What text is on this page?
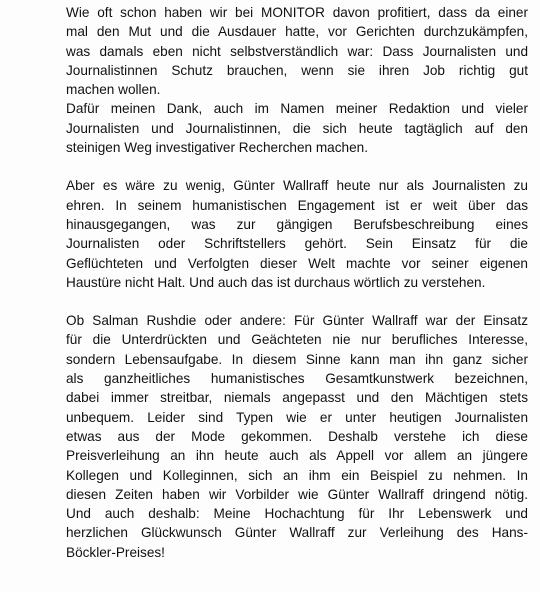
Wie oft schon haben wir bei MONITOR davon profitiert, dass da einer
mal den Mut und die Ausdauer hatte, vor Gerichten durchzukämpfen,
was damals eben nicht selbstverständlich war: Dass Journalisten und
Journalistinnen Schutz brauchen, wenn sie ihren Job richtig gut
machen wollen.
Dafür meinen Dank, auch im Namen meiner Redaktion und vieler
Journalisten und Journalistinnen, die sich heute tagtäglich auf den
steinigen Weg investigativer Recherchen machen.
Aber es wäre zu wenig, Günter Wallraff heute nur als Journalisten zu
ehren. In seinem humanistischen Engagement ist er weit über das
hinausgegangen, was zur gängigen Berufsbeschreibung eines
Journalisten oder Schriftstellers gehört. Sein Einsatz für die
Geflüchteten und Verfolgten dieser Welt machte vor seiner eigenen
Haustüre nicht Halt. Und auch das ist durchaus wörtlich zu verstehen.
Ob Salman Rushdie oder andere: Für Günter Wallraff war der Einsatz
für die Unterdrückten und Geächteten nie nur berufliches Interesse,
sondern Lebensaufgabe. In diesem Sinne kann man ihn ganz sicher
als ganzheitliches humanistisches Gesamtkunstwerk bezeichnen,
dabei immer streitbar, niemals angepasst und den Mächtigen stets
unbequem. Leider sind Typen wie er unter heutigen Journalisten
etwas aus der Mode gekommen. Deshalb verstehe ich diese
Preisverleihung an ihn heute auch als Appell vor allem an jüngere
Kollegen und Kolleginnen, sich an ihm ein Beispiel zu nehmen. In
diesen Zeiten haben wir Vorbilder wie Günter Wallraff dringend nötig.
Und auch deshalb: Meine Hochachtung für Ihr Lebenswerk und
herzlichen Glückwunsch Günter Wallraff zur Verleihung des Hans-
Böckler-Preises!
